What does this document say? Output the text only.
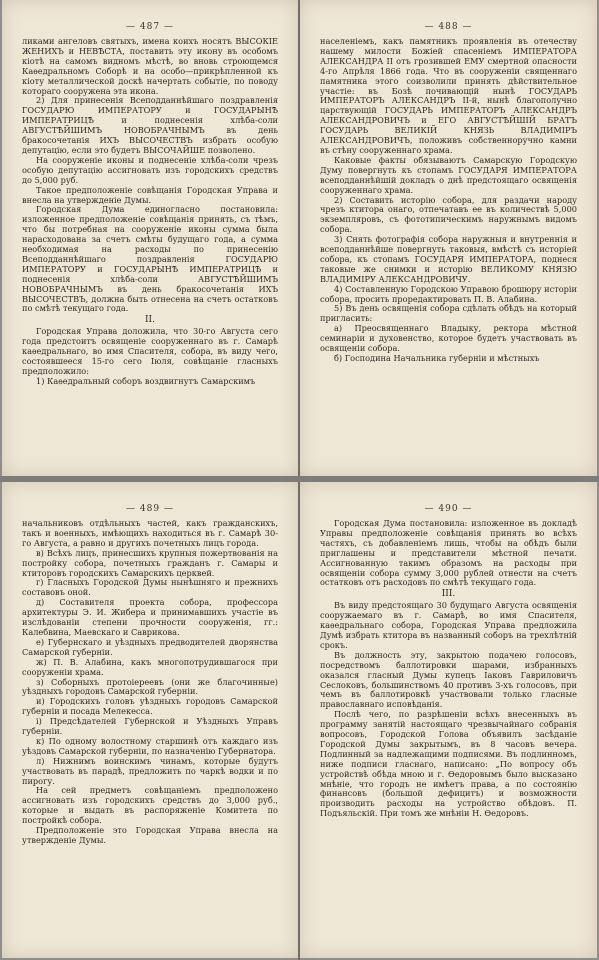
— 487 —

ликами ангеловъ святыхъ, имена коихъ носятъ ВЫСОКІЕ ЖЕНИХЪ и НЕВѢСТА, поставить эту икону въ особомъ кіотѣ на самомъ видномъ мѣстѣ, во вновь строющемся Каѳедральномъ Соборѣ и на особо—прикрѣпленной къ кіоту металлической доскѣ начертать событіе, по поводу котораго сооружена эта икона.

2) Для принесенія Всеподданнѣйшаго поздравленія ГОСУДАРЮ ИМПЕРАТОРУ и ГОСУДАРЫНѢ ИМПЕРАТРИЦѢ и поднесенія хлѣба-соли АВГУСТѢЙШИМЪ НОВОБРАЧНЫМЪ въ день бракосочетанія ИХЪ ВЫСОЧЕСТВЪ избрать особую депутацію, если это будетъ ВЫСОЧАЙШЕ позволено.

На сооруженіе иконы и поднесеніе хлѣба-соли чрезъ особую депутацію ассигновать изъ городскихъ средствъ до 5,000 руб.

Такое предположеніе совѣщанія Городская Управа и внесла на утвержденіе Думы.

Городская Дума единогласно постановила: изложенное предположеніе совѣщанія принять, съ тѣмъ, что бы потребная на сооруженіе иконы сумма была нарасходована за счетъ смѣты будущаго года, а сумма необходимая на расходы по принесенію Всеподданнѣйшаго поздравленія ГОСУДАРЮ ИМПЕРАТОРУ и ГОСУДАРЫНѢ ИМПЕРАТРИЦѢ и поднесенія хлѣба-соли АВГУСТѢЙШИМЪ НОВОБРАЧНЫМЪ въ день бракосочетанія ИХЪ ВЫСОЧЕСТВЪ, должна быть отнесена на счетъ остатковъ по смѣтѣ текущаго года.

II.

Городская Управа доложила, что 30-го Августа сего года предстоитъ освященіе сооруженнаго въ г. Самарѣ каѳедральнаго, во имя Спасителя, собора, въ виду чего, состоявшееся 15-го сего Іюля, совѣщаніе гласныхъ предположило:

1) Каѳедральный соборъ воздвигнутъ Самарскимъ

— 488 —

населеніемъ, какъ памятникъ проявленія въ отечеству нашему милости Божіей спасеніемъ ИМПЕРАТОРА АЛЕКСАНДРА II отъ грозившей ЕМУ смертной опасности 4-го Апрѣля 1866 года. Что въ сооруженіи священнаго памятника этого соизволили принять дѣйствительное участіе: въ Бозѣ почивающій нынѣ ГОСУДАРЬ ИМПЕРАТОРЪ АЛЕКСАНДРЪ II-й, нынѣ благополучно царствующій ГОСУДАРЬ ИМПЕРАТОРЪ АЛЕКСАНДРЪ АЛЕКСАНДРОВИЧЪ и ЕГО АВГУСТѢЙШІЙ БРАТЪ ГОСУДАРЬ ВЕЛИКІЙ КНЯЗЬ ВЛАДИМІРЪ АЛЕКСАНДРОВИЧЪ, положивъ собственноручно камни въ стѣну сооруженнаго храма.

Каковые факты обязываютъ Самарскую Городскую Думу повергнуть къ стопамъ ГОСУДАРЯ ИМПЕРАТОРА всеподданнѣйшій докладъ о днѣ предстоящаго освященія сооруженнаго храма.

2) Составить исторію собора, для раздачи народу чрезъ ктитора онаго, отпечатавъ ее въ количествѣ 5,000 экземпляровъ, съ фототипическимъ наружнымъ видомъ собора.

3) Снять фотографія собора наружныя и внутреннія и всеподданнѣйше повергнуть таковыя, вмѣстѣ съ исторіей собора, къ стопамъ ГОСУДАРЯ ИМПЕРАТОРА, поднеся таковые же снимки и исторію ВЕЛИКОМУ КНЯЗЮ ВЛАДИМІРУ АЛЕКСАНДРОВИЧУ.

4) Составленную Городскою Управою брошюру исторіи собора, просить проредактировать П. В. Алабина.

5) Въ день освященія собора сдѣлать обѣдъ на который пригласить:

а) Преосвященнаго Владыку, ректора мѣстной семинаріи и духовенство, которое будетъ участвовать въ освященіи собора.

б) Господина Начальника губерніи и мѣстныхъ

— 489 —

начальниковъ отдѣльныхъ частей, какъ гражданскихъ, такъ и военныхъ, имѣющихъ находиться въ г. Самарѣ 30-го Августа, а равно и другихъ почетныхъ лицъ города.

в) Всѣхъ лицъ, принесшихъ крупныя пожертвованія на постройку собора, почетныхъ гражданъ г. Самары и ктиторовъ городскихъ Самарскихъ церквей.

г) Гласныхъ Городской Думы нынѣшняго и прежнихъ составовъ оной.

д) Составителя проекта собора, профессора архитектуры Э. И. Жибера и принимавшихъ участіе въ изслѣдованіи степени прочности сооруженія, гг.: Калебвина, Маевскаго и Саврикова.

е) Губернскаго и уѣздныхъ предводителей дворянства Самарской губерніи.

ж) П. В. Алабина, какъ многопотрудившагося при сооруженіи храма.

з) Соборныхъ протоіереевъ (они же благочинные) уѣздныхъ городовъ Самарской губерніи.

и) Городскихъ головъ уѣздныхъ городовъ Самарской губерніи и посада Мелекесса.

і) Предсѣдателей Губернской и Уѣздныхъ Управъ губерніи.

к) По одному волостному старшинѣ отъ каждаго изъ уѣздовъ Самарской губерніи, по назначенію Губернатора.

л) Нижнимъ воинскимъ чинамъ, которые будутъ участвовать въ парадѣ, предложить по чаркѣ водки и по пирогу.

На сей предметъ совѣщаніемъ предположено ассигновать изъ городскихъ средствъ до 3,000 руб., которые и выдать въ распоряженіе Комитета по постройкѣ собора.

Предположеніе это Городская Управа внесла на утвержденіе Думы.

— 490 —

Городская Дума постановила: изложенное въ докладѣ Управы предположеніе совѣщанія принять во всѣхъ частяхъ, съ добавленіемъ лишь, чтобы на обѣдъ были приглашены и представители мѣстной печати. Ассигнованную такимъ образомъ на расходы при освященіи собора сумму 3,000 рублей отнести на счетъ остатковъ отъ расходовъ по смѣтѣ текущаго года.

III.

Въ виду предстоящаго 30 будущаго Августа освященія сооружаемаго въ г. Самарѣ, во имя Спасителя, каѳедральнаго собора, Городская Управа предложила Думѣ избрать ктитора въ названный соборъ на трехлѣтній срокъ.

Въ должность эту, закрытою подачею голосовъ, посредствомъ баллотировки шарами, избранныхъ оказался гласный Думы купецъ Іаковъ Гавриловичъ Сеслоковъ, большинствомъ 40 противъ 3-хъ голосовъ, при чемъ въ баллотировкѣ участвовали только гласные православнаго исповѣданія.

Послѣ чего, по разрѣшеніи всѣхъ внесенныхъ въ программу занятій настоящаго чрезвычайнаго собранія вопросовъ, Городской Голова объявилъ засѣданіе Городской Думы закрытымъ, въ 8 часовъ вечера. Подлинный за надлежащими подписями. Въ подлинномъ, ниже подписи гласнаго, написано: „По вопросу объ устройствѣ обѣда мною и г. Ѳедоровымъ было высказано мнѣніе, что городъ не имѣетъ права, а по состоянію финансовъ (большой дефицитъ) и возможности производить расходы на устройство обѣдовъ. П. Подъяльскій. При томъ же мнѣніи Н. Ѳедоровъ.
